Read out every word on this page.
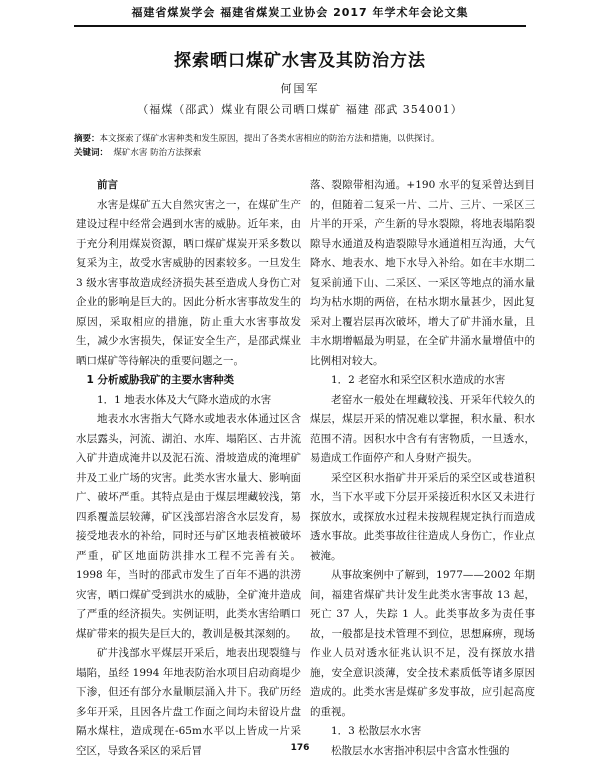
福建省煤炭学会 福建省煤炭工业协会 2017 年学术年会论文集
探索晒口煤矿水害及其防治方法
何国军
（福煤（邵武）煤业有限公司晒口煤矿 福建 邵武 354001）
摘要：本文探索了煤矿水害种类和发生原因，提出了各类水害相应的防治方法和措施，以供探讨。
关键词： 煤矿水害 防治方法探索

前言

水害是煤矿五大自然灾害之一，在煤矿生产建设过程中经常会遇到水害的威胁。近年来，由于充分利用煤炭资源，晒口煤矿煤炭开采多数以复采为主，故受水害威胁的因素较多。一旦发生 3 级水害事故造成经济损失甚至造成人身伤亡对企业的影响是巨大的。因此分析水害事故发生的原因，采取相应的措施，防止重大水害事故发生，减少水害损失，保证安全生产，是邵武煤业晒口煤矿等待解决的重要问题之一。

1 分析威胁我矿的主要水害种类

1．1 地表水体及大气降水造成的水害

地表水水害指大气降水或地表水体通过区含水层露头，河流、湖泊、水库、塌陷区、古井流入矿井造成淹井以及泥石流、滑坡造成的淹埋矿井及工业广场的灾害。此类水害水量大、影响面广、破坏严重。其特点是由于煤层埋藏较浅，第四系覆盖层较薄，矿区浅部岩溶含水层发育，易接受地表水的补给，同时还与矿区地表植被破坏严重，矿区地面防洪排水工程不完善有关。1998 年，当时的邵武市发生了百年不遇的洪涝灾害，晒口煤矿受到洪水的威胁，全矿淹井造成了严重的经济损失。实例证明，此类水害给晒口煤矿带来的损失是巨大的，教训是极其深刻的。

矿井浅部水平煤层开采后，地表出现裂缝与塌陷，虽经 1994 年地表防治水项目启动商堤少下渗，但还有部分水量顺层涌入井下。我矿历经多年开采，且因各片盘工作面之间均未留设片盘隔水煤柱，造成现在-65m水平以上皆成一片采空区，导致各采区的采后冒

落、裂隙带相沟通。+190 水平的复采曾达到目的，但随着二复采一片、二片、三片、一采区三片半的开采，产生新的导水裂隙，将地表塌陷裂隙导水通道及构造裂隙导水通道相互沟通，大气降水、地表水、地下水导入补给。如在丰水期二复采前通下山、二采区、一采区等地点的涌水量均为枯水期的两倍，在枯水期水量甚少，因此复采对上覆岩层再次破坏，增大了矿井涌水量，且丰水期增幅最为明显，在全矿井涌水量增值中的比例相对较大。

1．2 老窑水和采空区积水造成的水害

老窑水一般处在埋藏较浅、开采年代较久的煤层，煤层开采的情况难以掌握，积水量、积水范围不清。因积水中含有有害物质，一旦透水，易造成工作面停产和人身财产损失。

采空区积水指矿井开采后的采空区或巷道积水，当下水平或下分层开采接近积水区又未进行探放水，或探放水过程未按规程规定执行而造成透水事故。此类事故往往造成人身伤亡，作业点被淹。

从事故案例中了解到，1977——2002 年期间，福建省煤矿共计发生此类水害事故 13 起，死亡 37 人，失踪 1 人。此类事故多为责任事故，一般都是技术管理不到位，思想麻痹，现场作业人员对透水征兆认识不足，没有探放水措施，安全意识淡薄，安全技术素质低等诸多原因造成的。此类水害是煤矿多发事故，应引起高度的重视。

1．3 松散层水水害

松散层水水害指冲积层中含富水性强的

176
